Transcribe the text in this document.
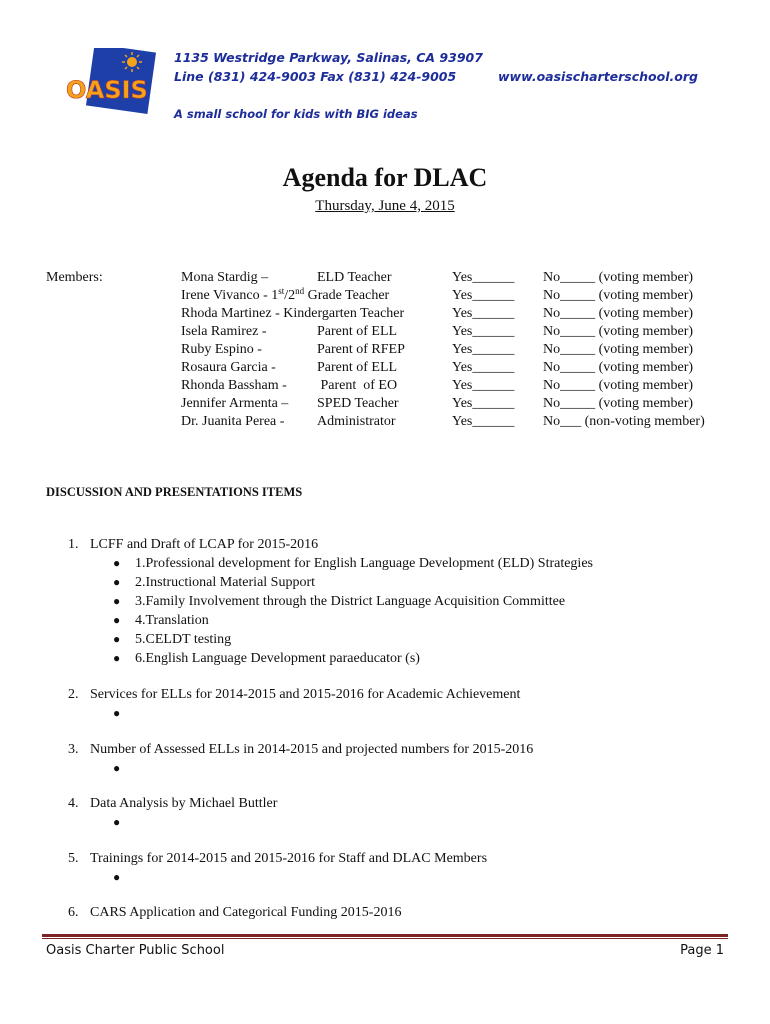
OASIS
1135 Westridge Parkway, Salinas, CA 93907
Line (831) 424-9003 Fax (831) 424-9005	www.oasischarterschool.org
A small school for kids with BIG ideas
Agenda for DLAC
Thursday, June 4, 2015
Members:	Mona Stardig –	ELD Teacher	Yes______ No_____ (voting member)
Irene Vivanco - 1st/2nd Grade Teacher	Yes______ No_____ (voting member)
Rhoda Martinez - Kindergarten Teacher	Yes______ No_____ (voting member)
Isela Ramirez -	Parent of ELL	Yes______ No_____ (voting member)
Ruby Espino -	Parent of RFEP	Yes______ No_____ (voting member)
Rosaura Garcia -	Parent of ELL	Yes______ No_____ (voting member)
Rhonda Bassham - Parent  of EO	Yes______ No_____ (voting member)
Jennifer Armenta – SPED Teacher	Yes______ No_____ (voting member)
Dr. Juanita Perea - Administrator	Yes______ No___ (non-voting member)
DISCUSSION AND PRESENTATIONS ITEMS
1. LCFF and Draft of LCAP for 2015-2016
● 1.Professional development for English Language Development (ELD) Strategies
● 2.Instructional Material Support
● 3.Family Involvement through the District Language Acquisition Committee
● 4.Translation
● 5.CELDT testing
● 6.English Language Development paraeducator (s)
2. Services for ELLs for 2014-2015 and 2015-2016 for Academic Achievement
●
3. Number of Assessed ELLs in 2014-2015 and projected numbers for 2015-2016
●
4. Data Analysis by Michael Buttler
●
5. Trainings for 2014-2015 and 2015-2016 for Staff and DLAC Members
●
6. CARS Application and Categorical Funding 2015-2016
Oasis Charter Public School	Page 1
